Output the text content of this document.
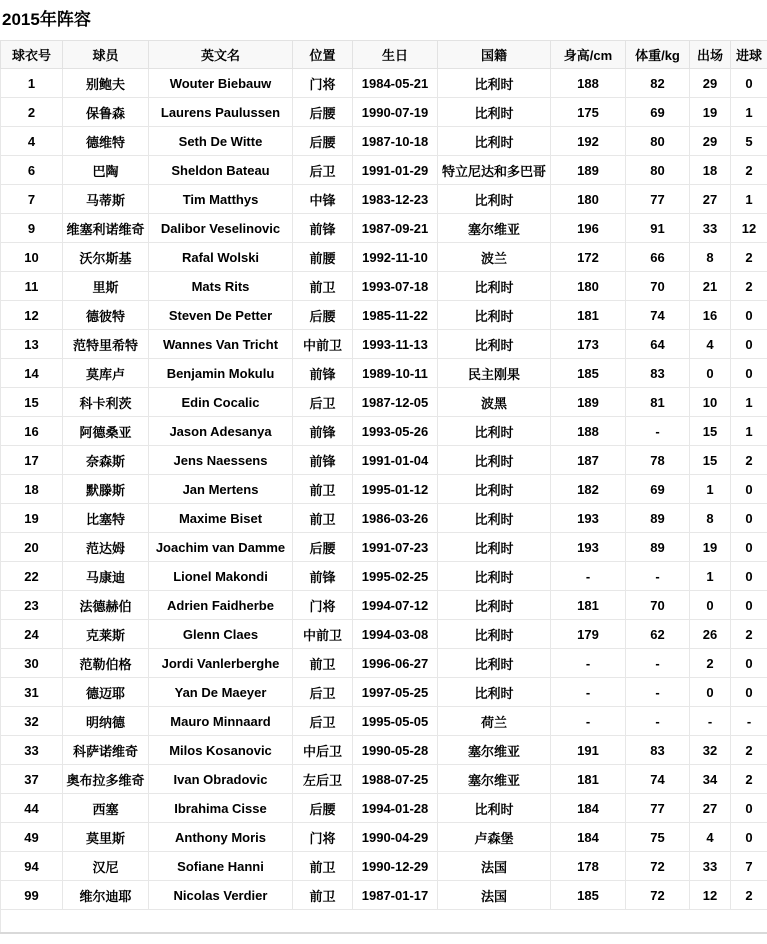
2015年阵容
球衣号	球员	英文名	位置	生日	国籍	身高/cm	体重/kg	出场	进球
1	别鲍夫	Wouter Biebauw	门将	1984-05-21	比利时	188	82	29	0
2	保鲁森	Laurens Paulussen	后腰	1990-07-19	比利时	175	69	19	1
4	德维特	Seth De Witte	后腰	1987-10-18	比利时	192	80	29	5
6	巴陶	Sheldon Bateau	后卫	1991-01-29	特立尼达和多巴哥	189	80	18	2
7	马蒂斯	Tim Matthys	中锋	1983-12-23	比利时	180	77	27	1
9	维塞利诺维奇	Dalibor Veselinovic	前锋	1987-09-21	塞尔维亚	196	91	33	12
10	沃尔斯基	Rafal Wolski	前腰	1992-11-10	波兰	172	66	8	2
11	里斯	Mats Rits	前卫	1993-07-18	比利时	180	70	21	2
12	德彼特	Steven De Petter	后腰	1985-11-22	比利时	181	74	16	0
13	范特里希特	Wannes Van Tricht	中前卫	1993-11-13	比利时	173	64	4	0
14	莫库卢	Benjamin Mokulu	前锋	1989-10-11	民主刚果	185	83	0	0
15	科卡利茨	Edin Cocalic	后卫	1987-12-05	波黑	189	81	10	1
16	阿德桑亚	Jason Adesanya	前锋	1993-05-26	比利时	188	-	15	1
17	奈森斯	Jens Naessens	前锋	1991-01-04	比利时	187	78	15	2
18	默滕斯	Jan Mertens	前卫	1995-01-12	比利时	182	69	1	0
19	比塞特	Maxime Biset	前卫	1986-03-26	比利时	193	89	8	0
20	范达姆	Joachim van Damme	后腰	1991-07-23	比利时	193	89	19	0
22	马康迪	Lionel Makondi	前锋	1995-02-25	比利时	-	-	1	0
23	法德赫伯	Adrien Faidherbe	门将	1994-07-12	比利时	181	70	0	0
24	克莱斯	Glenn Claes	中前卫	1994-03-08	比利时	179	62	26	2
30	范勒伯格	Jordi Vanlerberghe	前卫	1996-06-27	比利时	-	-	2	0
31	德迈耶	Yan De Maeyer	后卫	1997-05-25	比利时	-	-	0	0
32	明纳德	Mauro Minnaard	后卫	1995-05-05	荷兰	-	-	-	-
33	科萨诺维奇	Milos Kosanovic	中后卫	1990-05-28	塞尔维亚	191	83	32	2
37	奥布拉多维奇	Ivan Obradovic	左后卫	1988-07-25	塞尔维亚	181	74	34	2
44	西塞	Ibrahima Cisse	后腰	1994-01-28	比利时	184	77	27	0
49	莫里斯	Anthony Moris	门将	1990-04-29	卢森堡	184	75	4	0
94	汉尼	Sofiane Hanni	前卫	1990-12-29	法国	178	72	33	7
99	维尔迪耶	Nicolas Verdier	前卫	1987-01-17	法国	185	72	12	2
